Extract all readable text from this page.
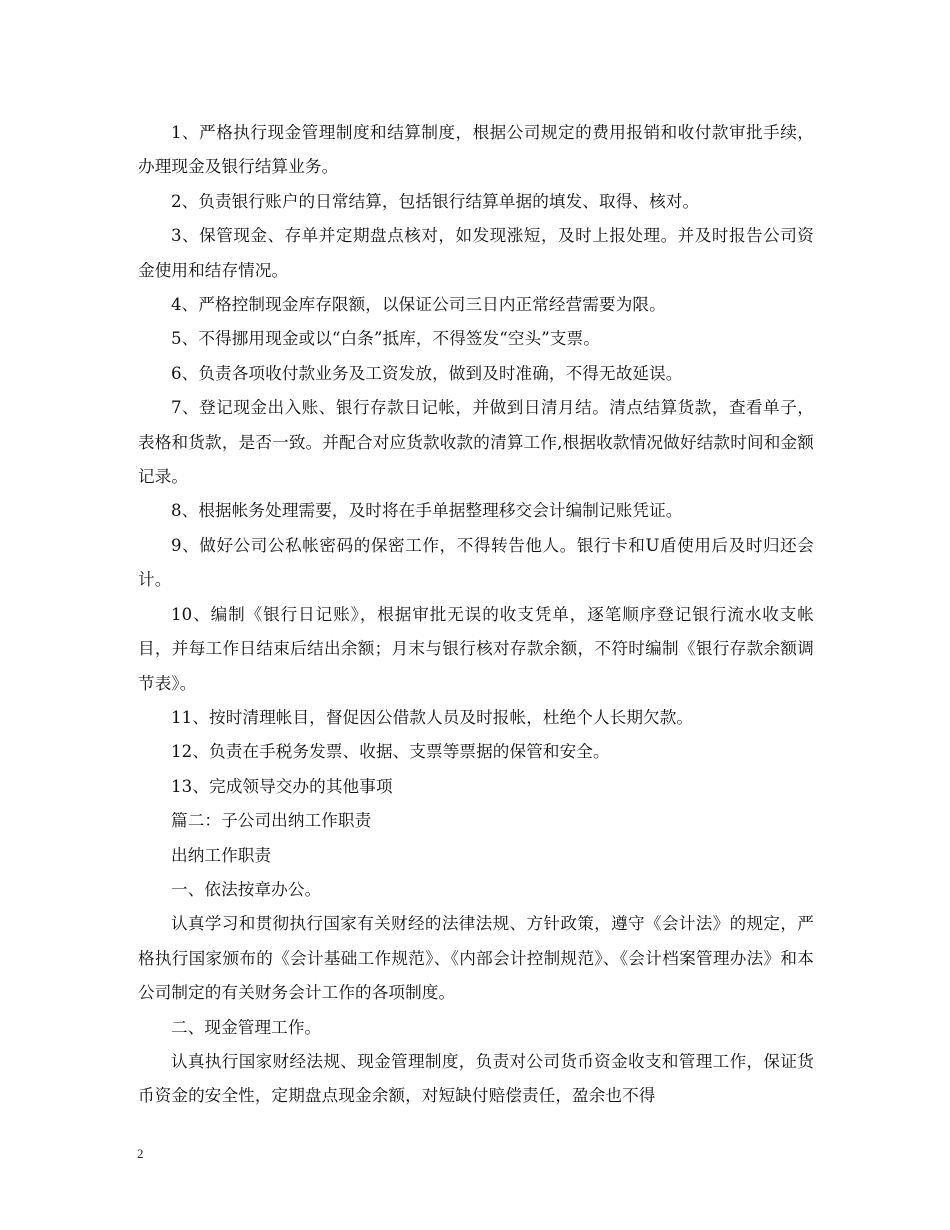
1、严格执行现金管理制度和结算制度，根据公司规定的费用报销和收付款审批手续，办理现金及银行结算业务。

2、负责银行账户的日常结算，包括银行结算单据的填发、取得、核对。

3、保管现金、存单并定期盘点核对，如发现涨短，及时上报处理。并及时报告公司资金使用和结存情况。

4、严格控制现金库存限额，以保证公司三日内正常经营需要为限。

5、不得挪用现金或以“白条”抵库，不得签发“空头”支票。

6、负责各项收付款业务及工资发放，做到及时准确，不得无故延误。

7、登记现金出入账、银行存款日记帐，并做到日清月结。清点结算货款，查看单子，表格和货款，是否一致。并配合对应货款收款的清算工作,根据收款情况做好结款时间和金额记录。

8、根据帐务处理需要，及时将在手单据整理移交会计编制记账凭证。

9、做好公司公私帐密码的保密工作，不得转告他人。银行卡和U盾使用后及时归还会计。

10、编制《银行日记账》，根据审批无误的收支凭单，逐笔顺序登记银行流水收支帐目，并每工作日结束后结出余额；月末与银行核对存款余额，不符时编制《银行存款余额调节表》。

11、按时清理帐目，督促因公借款人员及时报帐，杜绝个人长期欠款。

12、负责在手税务发票、收据、支票等票据的保管和安全。

13、完成领导交办的其他事项

篇二：子公司出纳工作职责

出纳工作职责

一、依法按章办公。

认真学习和贯彻执行国家有关财经的法律法规、方针政策，遵守《会计法》的规定，严格执行国家颁布的《会计基础工作规范》、《内部会计控制规范》、《会计档案管理办法》和本公司制定的有关财务会计工作的各项制度。

二、现金管理工作。

认真执行国家财经法规、现金管理制度，负责对公司货币资金收支和管理工作，保证货币资金的安全性，定期盘点现金余额，对短缺付赔偿责任，盈余也不得

2
